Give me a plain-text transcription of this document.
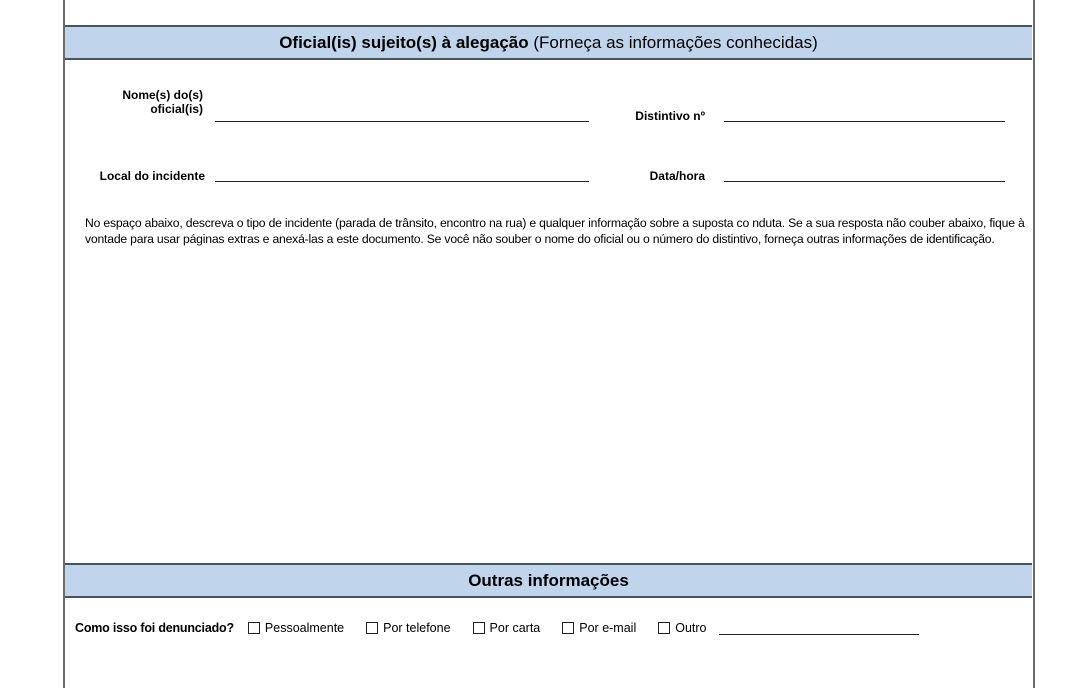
Oficial(is) sujeito(s) à alegação (Forneça as informações conhecidas)
Nome(s) do(s)
oficial(is)	Distintivo nº
Local do incidente	Data/hora
No espaço abaixo, descreva o tipo de incidente (parada de trânsito, encontro na rua) e qualquer informação sobre a suposta co nduta. Se a sua resposta não couber abaixo, fique à vontade para usar páginas extras e anexá-las a este documento. Se você não souber o nome do oficial ou o número do distintivo, forneça outras informações de identificação.
Outras informações
Como isso foi denunciado? Pessoalmente	Por telefone	Por carta	Por e-mail	Outro
